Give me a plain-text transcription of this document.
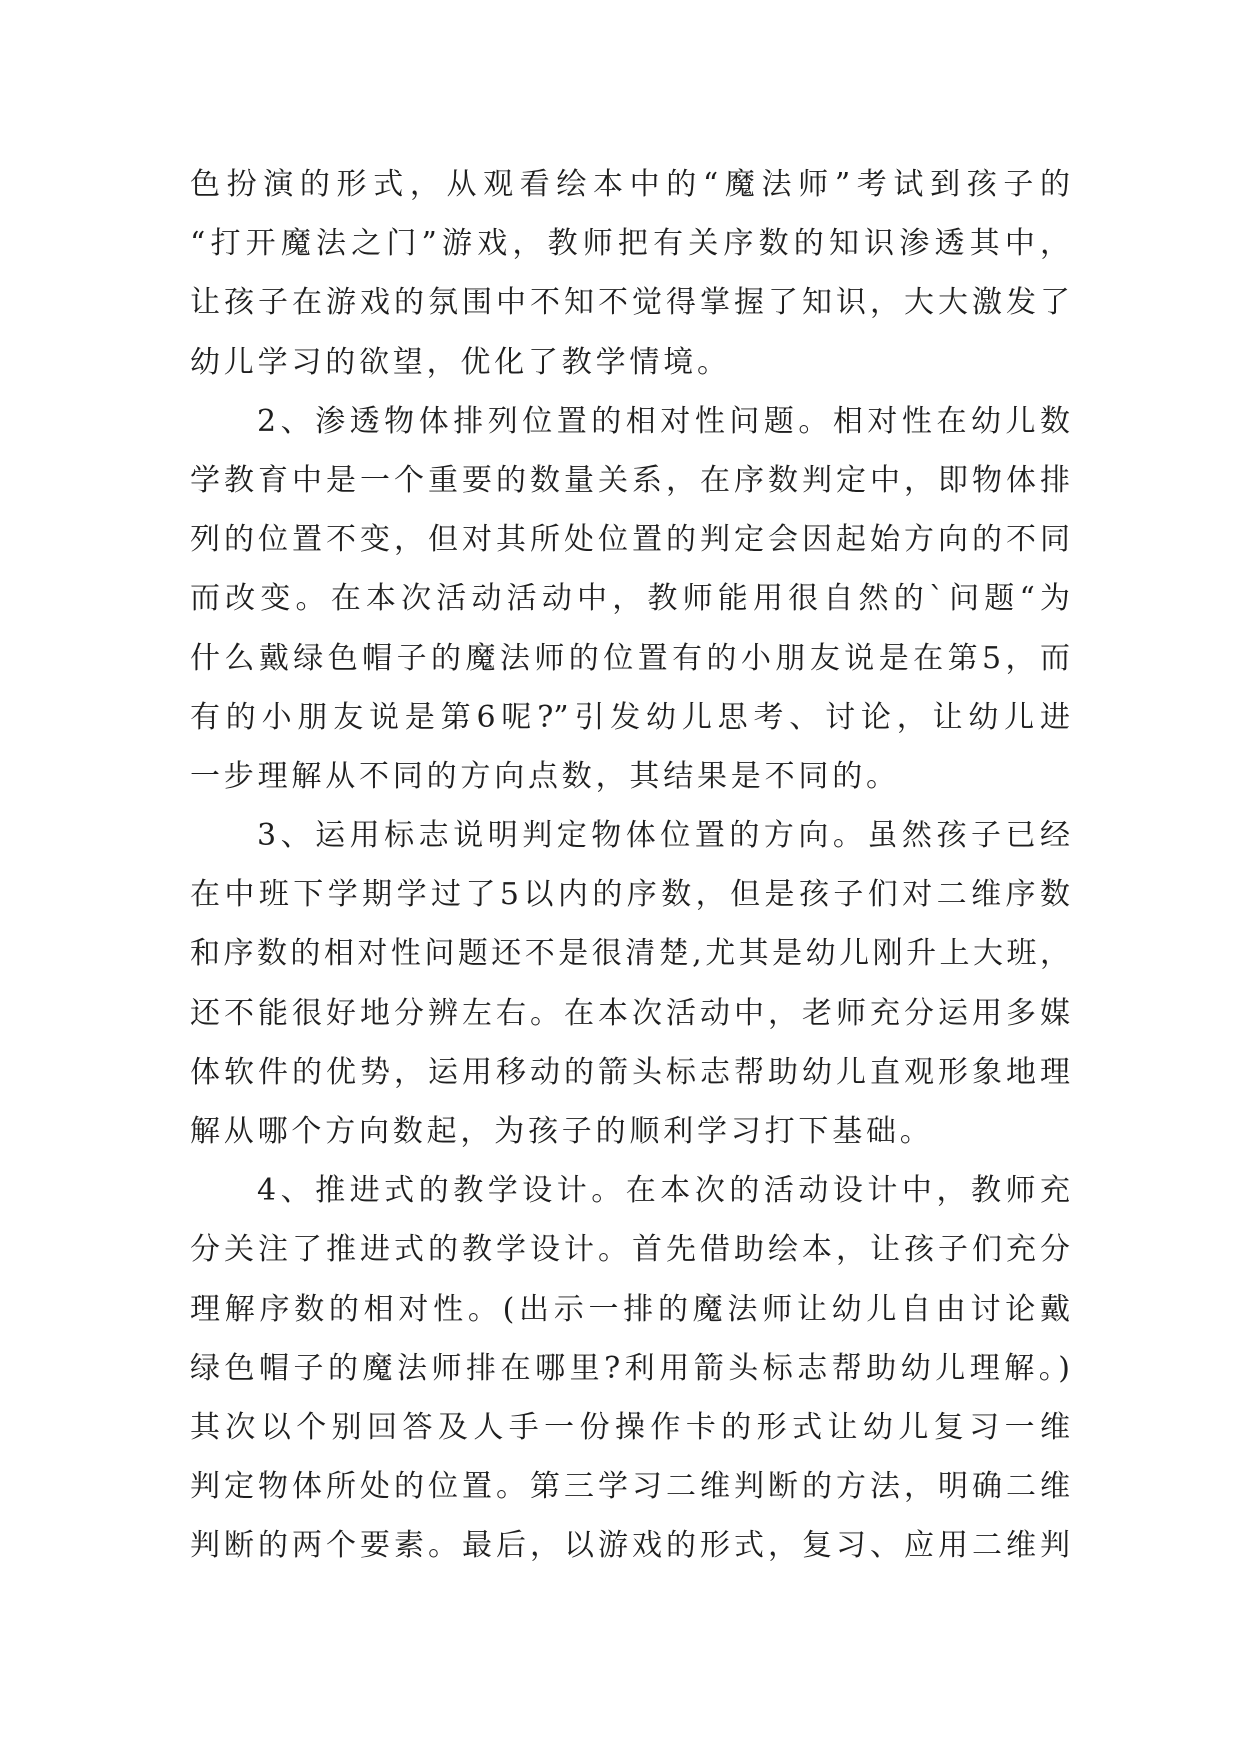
色扮演的形式，从观看绘本中的“魔法师”考试到孩子的
“打开魔法之门”游戏，教师把有关序数的知识渗透其中，
让孩子在游戏的氛围中不知不觉得掌握了知识，大大激发了
幼儿学习的欲望，优化了教学情境。
2、渗透物体排列位置的相对性问题。相对性在幼儿数
学教育中是一个重要的数量关系，在序数判定中，即物体排
列的位置不变，但对其所处位置的判定会因起始方向的不同
而改变。在本次活动活动中，教师能用很自然的`问题“为
什么戴绿色帽子的魔法师的位置有的小朋友说是在第5，而
有的小朋友说是第6呢?”引发幼儿思考、讨论，让幼儿进
一步理解从不同的方向点数，其结果是不同的。
3、运用标志说明判定物体位置的方向。虽然孩子已经
在中班下学期学过了5以内的序数，但是孩子们对二维序数
和序数的相对性问题还不是很清楚,尤其是幼儿刚升上大班，
还不能很好地分辨左右。在本次活动中，老师充分运用多媒
体软件的优势，运用移动的箭头标志帮助幼儿直观形象地理
解从哪个方向数起，为孩子的顺利学习打下基础。
4、推进式的教学设计。在本次的活动设计中，教师充
分关注了推进式的教学设计。首先借助绘本，让孩子们充分
理解序数的相对性。(出示一排的魔法师让幼儿自由讨论戴
绿色帽子的魔法师排在哪里?利用箭头标志帮助幼儿理解。)
其次以个别回答及人手一份操作卡的形式让幼儿复习一维
判定物体所处的位置。第三学习二维判断的方法，明确二维
判断的两个要素。最后，以游戏的形式，复习、应用二维判
